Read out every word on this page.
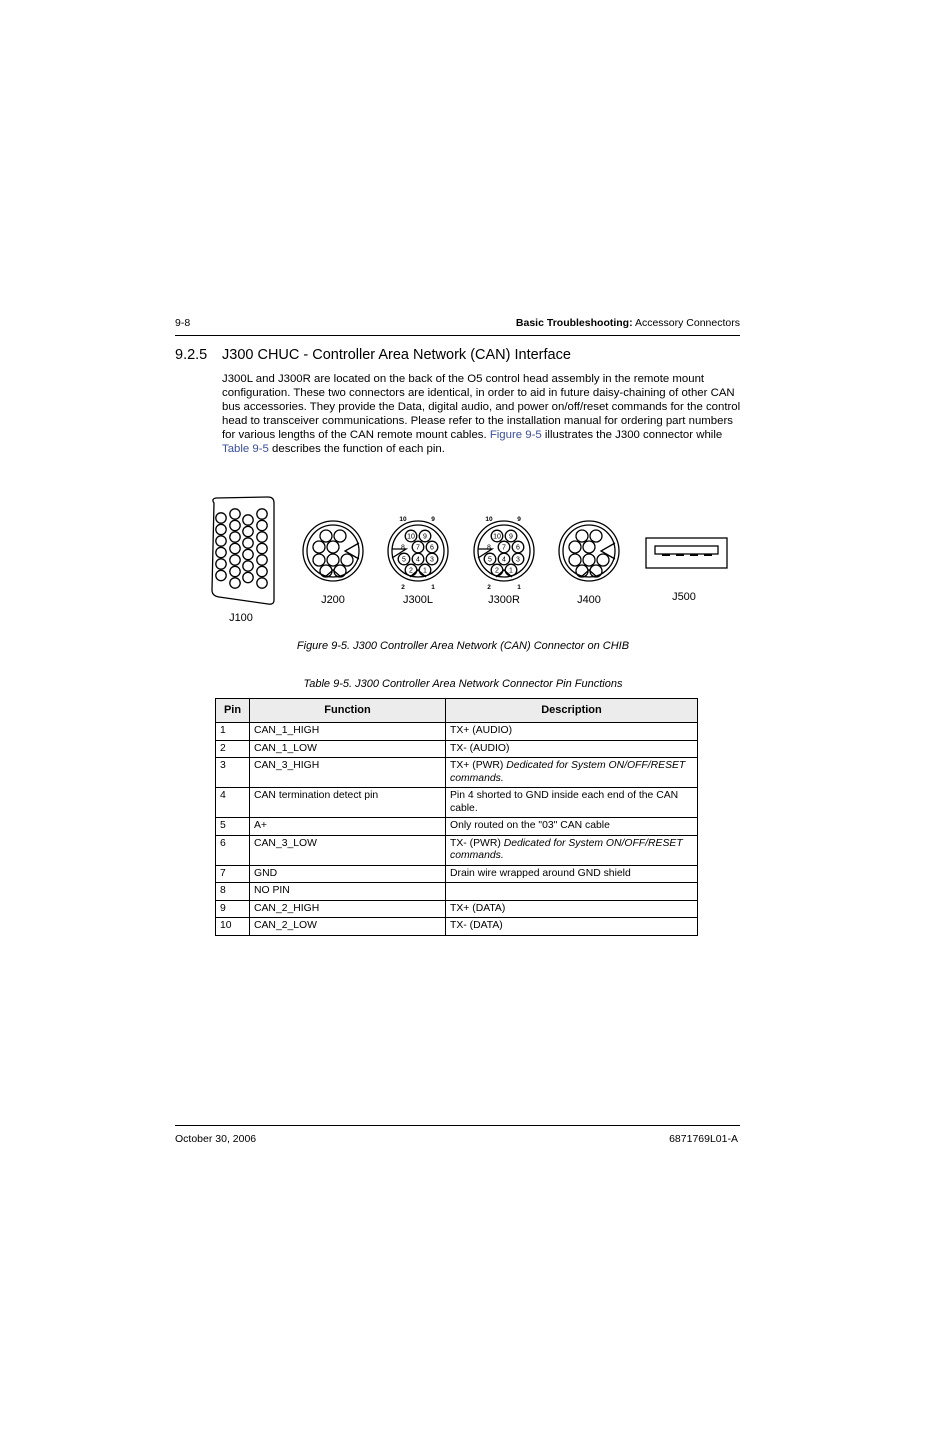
9-8	Basic Troubleshooting: Accessory Connectors
9.2.5 J300 CHUC - Controller Area Network (CAN) Interface
J300L and J300R are located on the back of the O5 control head assembly in the remote mount configuration. These two connectors are identical, in order to aid in future daisy-chaining of other CAN bus accessories. They provide the Data, digital audio, and power on/off/reset commands for the control head to transceiver communications. Please refer to the installation manual for ordering part numbers for various lengths of the CAN remote mount cables. Figure 9-5 illustrates the J300 connector while Table 9-5 describes the function of each pin.
J100
J200
10 9
8 7 6
5 4 3
2 1
10	9
2	1
J300L
10 9
8 7 6
5 4 3
2 1
10	9
2	1
J300R	J400	J500
Figure 9-5. J300 Controller Area Network (CAN) Connector on CHIB
Table 9-5. J300 Controller Area Network Connector Pin Functions
Pin	Function	Description
1	CAN_1_HIGH	TX+ (AUDIO)
2	CAN_1_LOW	TX- (AUDIO)
3	CAN_3_HIGH	TX+ (PWR) Dedicated for System ON/OFF/RESET commands.
4	CAN termination detect pin	Pin 4 shorted to GND inside each end of the CAN cable.
5	A+	Only routed on the "03" CAN cable
6	CAN_3_LOW	TX- (PWR) Dedicated for System ON/OFF/RESET commands.
7	GND	Drain wire wrapped around GND shield
8	NO PIN	
9	CAN_2_HIGH	TX+ (DATA)
10	CAN_2_LOW	TX- (DATA)
October 30, 2006	6871769L01-A
